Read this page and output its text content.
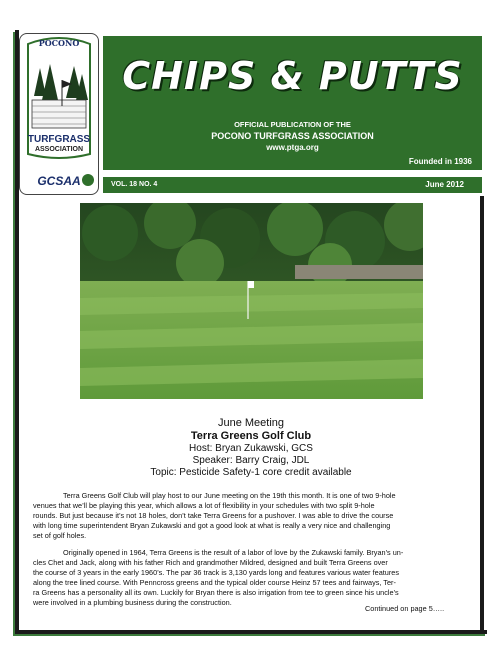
POCONO
TURFGRASS
ASSOCIATION
GCSAA
CHIPS & PUTTS
OFFICIAL PUBLICATION OF THE
POCONO TURFGRASS ASSOCIATION
www.ptga.org
Founded in 1936
VOL. 18 NO. 4	June 2012
June Meeting
Terra Greens Golf Club
Host: Bryan Zukawski, GCS
Speaker: Barry Craig, JDL
Topic: Pesticide Safety-1 core credit available
Terra Greens Golf Club will play host to our June meeting on the 19th this month. It is one of two 9-hole
venues that we’ll be playing this year, which allows a lot of flexibility in your schedules with two split 9-hole
rounds. But just because it’s not 18 holes, don’t take Terra Greens for a pushover. I was able to drive the course
with long time superintendent Bryan Zukawski and got a good look at what is really a very nice and challenging
set of golf holes.
Originally opened in 1964, Terra Greens is the result of a labor of love by the Zukawski family. Bryan’s un-
cles Chet and Jack, along with his father Rich and grandmother Mildred, designed and built Terra Greens over
the course of 3 years in the early 1960’s. The par 36 track is 3,130 yards long and features various water features
along the tree lined course. With Penncross greens and the typical older course Heinz 57 tees and fairways, Ter-
ra Greens has a personality all its own. Luckily for Bryan there is also irrigation from tee to green since his uncle’s
were involved in a plumbing business during the construction.
Continued on page 5…..
